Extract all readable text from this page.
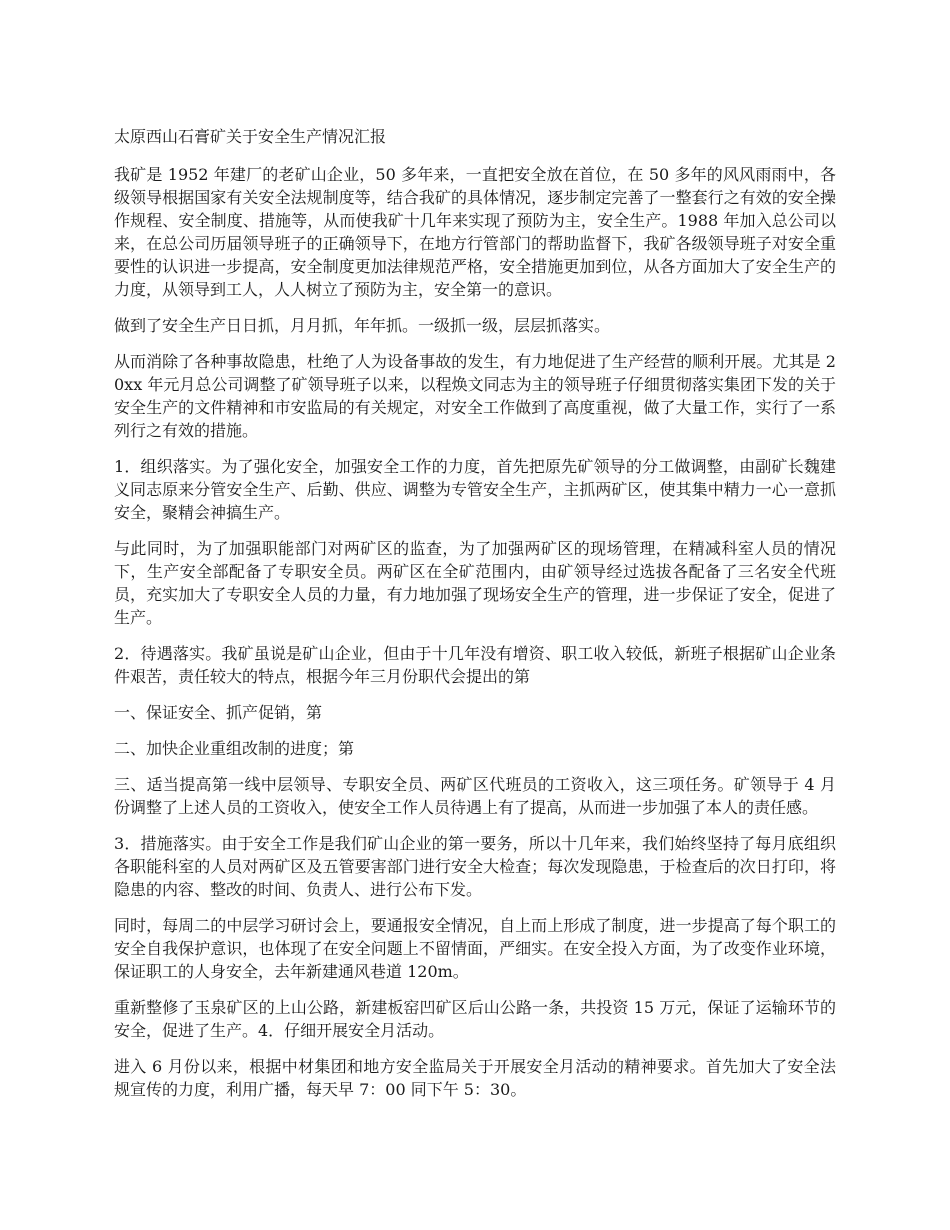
太原西山石膏矿关于安全生产情况汇报

我矿是 1952 年建厂的老矿山企业，50 多年来，一直把安全放在首位，在 50 多年的风风雨雨中，各级领导根据国家有关安全法规制度等，结合我矿的具体情况，逐步制定完善了一整套行之有效的安全操作规程、安全制度、措施等，从而使我矿十几年来实现了预防为主，安全生产。1988 年加入总公司以来，在总公司历届领导班子的正确领导下，在地方行管部门的帮助监督下，我矿各级领导班子对安全重要性的认识进一步提高，安全制度更加法律规范严格，安全措施更加到位，从各方面加大了安全生产的力度，从领导到工人，人人树立了预防为主，安全第一的意识。

做到了安全生产日日抓，月月抓，年年抓。一级抓一级，层层抓落实。

从而消除了各种事故隐患，杜绝了人为设备事故的发生，有力地促进了生产经营的顺利开展。尤其是 20xx 年元月总公司调整了矿领导班子以来，以程焕文同志为主的领导班子仔细贯彻落实集团下发的关于安全生产的文件精神和市安监局的有关规定，对安全工作做到了高度重视，做了大量工作，实行了一系列行之有效的措施。

1．组织落实。为了强化安全，加强安全工作的力度，首先把原先矿领导的分工做调整，由副矿长魏建义同志原来分管安全生产、后勤、供应、调整为专管安全生产，主抓两矿区，使其集中精力一心一意抓安全，聚精会神搞生产。

与此同时，为了加强职能部门对两矿区的监查，为了加强两矿区的现场管理，在精减科室人员的情况下，生产安全部配备了专职安全员。两矿区在全矿范围内，由矿领导经过选拔各配备了三名安全代班员，充实加大了专职安全人员的力量，有力地加强了现场安全生产的管理，进一步保证了安全，促进了生产。

2．待遇落实。我矿虽说是矿山企业，但由于十几年没有增资、职工收入较低，新班子根据矿山企业条件艰苦，责任较大的特点，根据今年三月份职代会提出的第

一、保证安全、抓产促销，第

二、加快企业重组改制的进度；第

三、适当提高第一线中层领导、专职安全员、两矿区代班员的工资收入，这三项任务。矿领导于 4 月份调整了上述人员的工资收入，使安全工作人员待遇上有了提高，从而进一步加强了本人的责任感。

3．措施落实。由于安全工作是我们矿山企业的第一要务，所以十几年来，我们始终坚持了每月底组织各职能科室的人员对两矿区及五管要害部门进行安全大检查；每次发现隐患，于检查后的次日打印，将隐患的内容、整改的时间、负责人、进行公布下发。

同时，每周二的中层学习研讨会上，要通报安全情况，自上而上形成了制度，进一步提高了每个职工的安全自我保护意识，也体现了在安全问题上不留情面，严细实。在安全投入方面，为了改变作业环境，保证职工的人身安全，去年新建通风巷道 120m。

重新整修了玉泉矿区的上山公路，新建板窑凹矿区后山公路一条，共投资 15 万元，保证了运输环节的安全，促进了生产。4．仔细开展安全月活动。

进入 6 月份以来，根据中材集团和地方安全监局关于开展安全月活动的精神要求。首先加大了安全法规宣传的力度，利用广播，每天早 7：00 同下午 5：30。
